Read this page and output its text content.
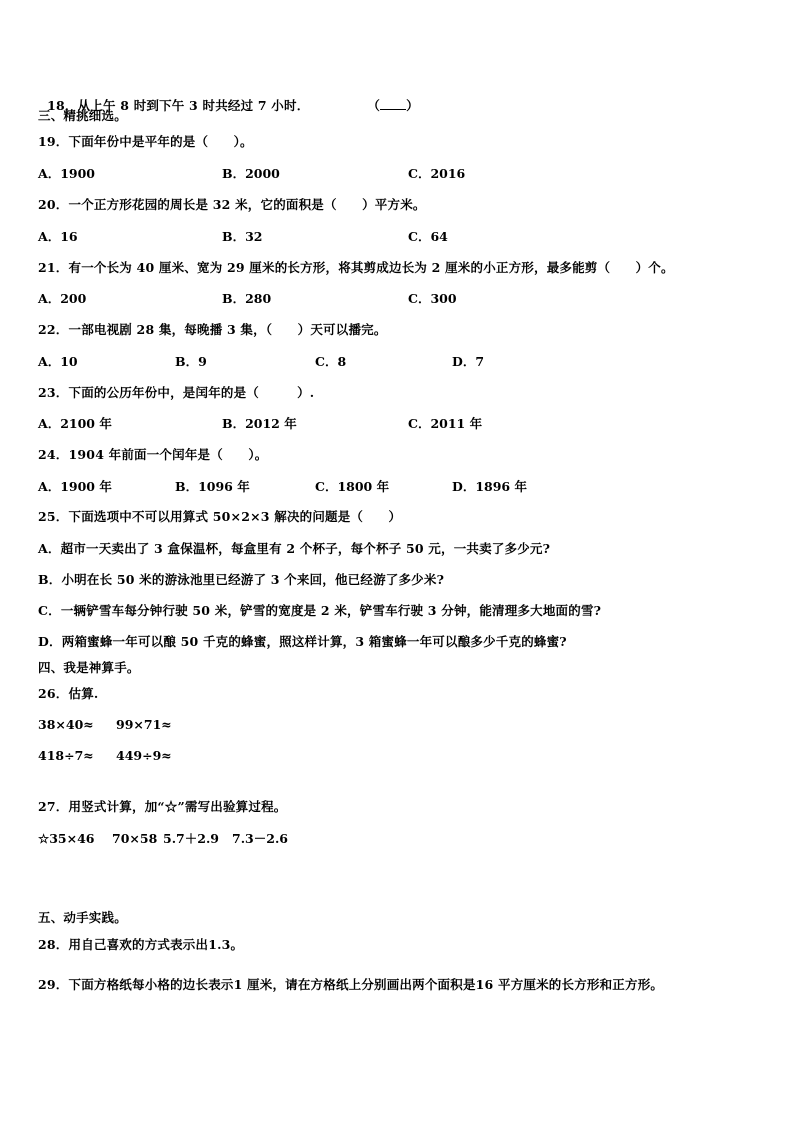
18．从上午 8 时到下午 3 时共经过 7 小时．	（ ）

三、精挑细选。
19．下面年份中是平年的是（　　）。
A．1900	B．2000	C．2016
20．一个正方形花园的周长是 32 米，它的面积是（　　）平方米。
A．16	B．32	C．64
21．有一个长为 40 厘米、宽为 29 厘米的长方形，将其剪成边长为 2 厘米的小正方形，最多能剪（　　）个。
A．200	B．280	C．300
22．一部电视剧 28 集，每晚播 3 集，（　　）天可以播完。
A．10	B．9	C．8	D．7
23．下面的公历年份中，是闰年的是（　　　）.
A．2100 年	B．2012 年	C．2011 年
24．1904 年前面一个闰年是（　　）。
A．1900 年	B．1096 年	C．1800 年	D．1896 年
25．下面选项中不可以用算式 50×2×3 解决的问题是（　　）
A．超市一天卖出了 3 盒保温杯，每盒里有 2 个杯子，每个杯子 50 元，一共卖了多少元?
B．小明在长 50 米的游泳池里已经游了 3 个来回，他已经游了多少米?
C．一辆铲雪车每分钟行驶 50 米，铲雪的宽度是 2 米，铲雪车行驶 3 分钟，能清理多大地面的雪?
D．两箱蜜蜂一年可以酿 50 千克的蜂蜜，照这样计算，3 箱蜜蜂一年可以酿多少千克的蜂蜜?
四、我是神算手。
26．估算.
38×40≈ 99×71≈
418÷7≈ 449÷9≈
27．用竖式计算，加“☆”需写出验算过程。
☆35×46 70×58 5.7＋2.9 7.3－2.6
五、动手实践。
28．用自己喜欢的方式表示出1.3。
29．下面方格纸每小格的边长表示1 厘米，请在方格纸上分别画出两个面积是16 平方厘米的长方形和正方形。
